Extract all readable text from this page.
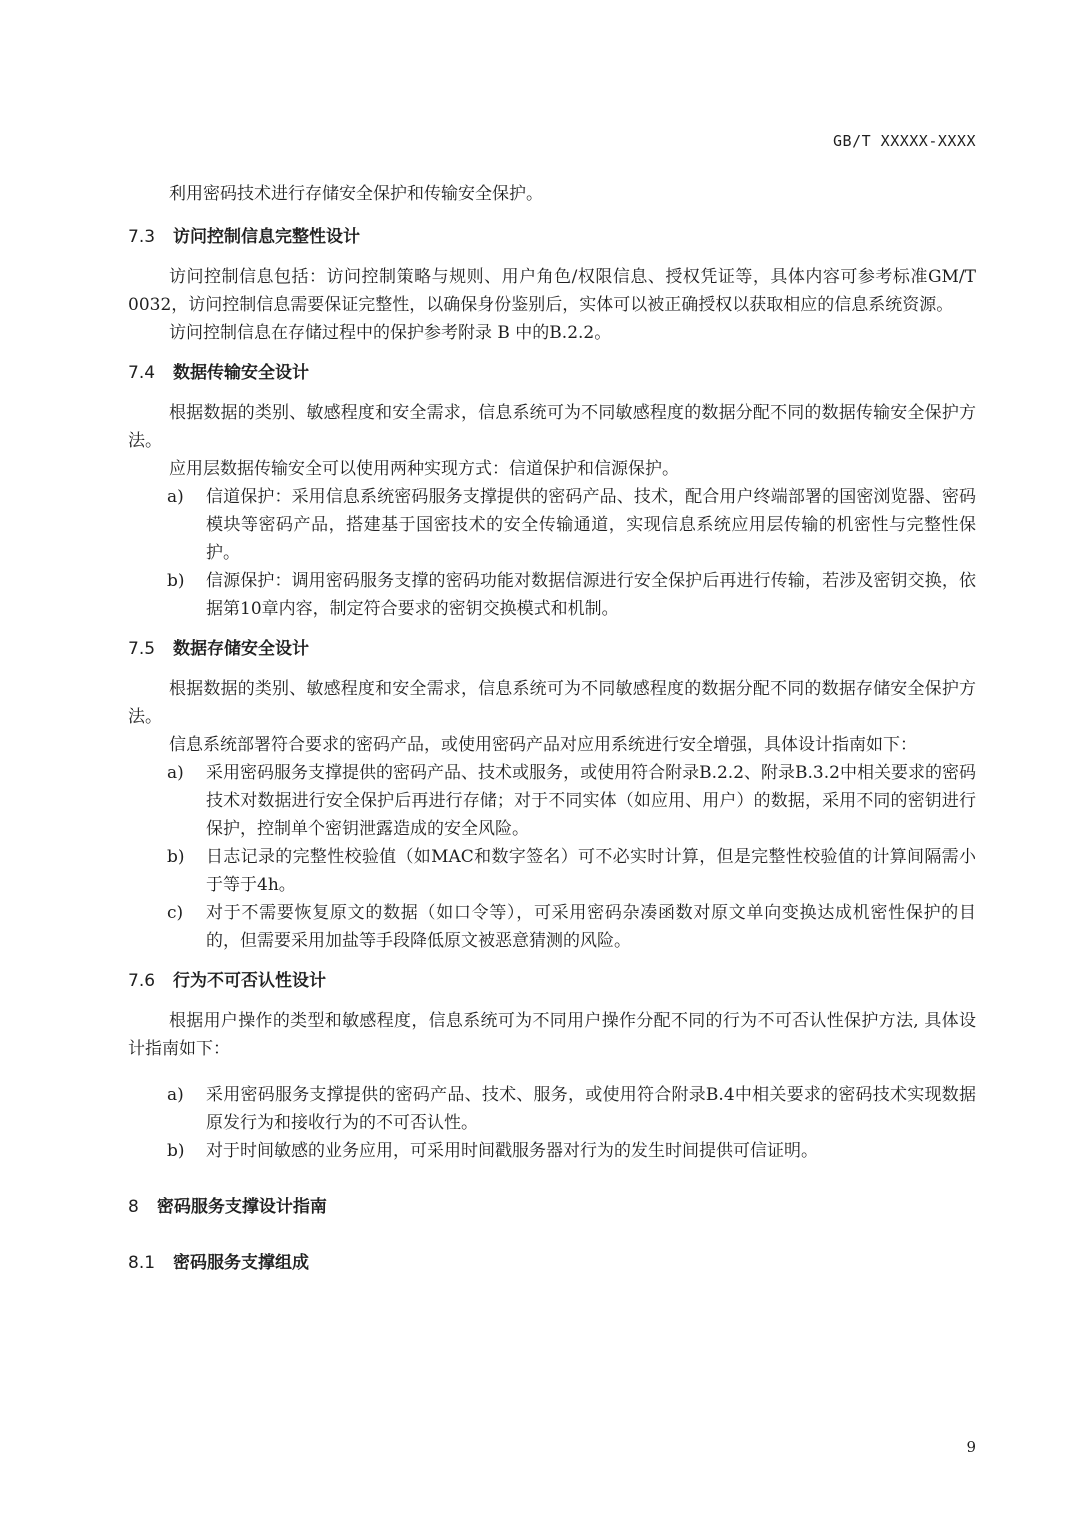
GB/T XXXXX-XXXX

利用密码技术进行存储安全保护和传输安全保护。

7.3 访问控制信息完整性设计

访问控制信息包括：访问控制策略与规则、用户角色/权限信息、授权凭证等，具体内容可参考标准GM/T　0032，访问控制信息需要保证完整性，以确保身份鉴别后，实体可以被正确授权以获取相应的信息系统资源。

访问控制信息在存储过程中的保护参考附录 B 中的B.2.2。

7.4 数据传输安全设计

根据数据的类别、敏感程度和安全需求，信息系统可为不同敏感程度的数据分配不同的数据传输安全保护方法。

应用层数据传输安全可以使用两种实现方式：信道保护和信源保护。

a) 信道保护：采用信息系统密码服务支撑提供的密码产品、技术，配合用户终端部署的国密浏览器、密码模块等密码产品，搭建基于国密技术的安全传输通道，实现信息系统应用层传输的机密性与完整性保护。

b) 信源保护：调用密码服务支撑的密码功能对数据信源进行安全保护后再进行传输，若涉及密钥交换，依据第10章内容，制定符合要求的密钥交换模式和机制。

7.5 数据存储安全设计

根据数据的类别、敏感程度和安全需求，信息系统可为不同敏感程度的数据分配不同的数据存储安全保护方法。

信息系统部署符合要求的密码产品，或使用密码产品对应用系统进行安全增强，具体设计指南如下：

a) 采用密码服务支撑提供的密码产品、技术或服务，或使用符合附录B.2.2、附录B.3.2中相关要求的密码技术对数据进行安全保护后再进行存储；对于不同实体（如应用、用户）的数据，采用不同的密钥进行保护，控制单个密钥泄露造成的安全风险。

b) 日志记录的完整性校验值（如MAC和数字签名）可不必实时计算，但是完整性校验值的计算间隔需小于等于4h。

c) 对于不需要恢复原文的数据（如口令等），可采用密码杂凑函数对原文单向变换达成机密性保护的目的，但需要采用加盐等手段降低原文被恶意猜测的风险。

7.6 行为不可否认性设计

根据用户操作的类型和敏感程度，信息系统可为不同用户操作分配不同的行为不可否认性保护方法, 具体设计指南如下：

a) 采用密码服务支撑提供的密码产品、技术、服务，或使用符合附录B.4中相关要求的密码技术实现数据原发行为和接收行为的不可否认性。

b) 对于时间敏感的业务应用，可采用时间戳服务器对行为的发生时间提供可信证明。

8 密码服务支撑设计指南
8.1 密码服务支撑组成
9
